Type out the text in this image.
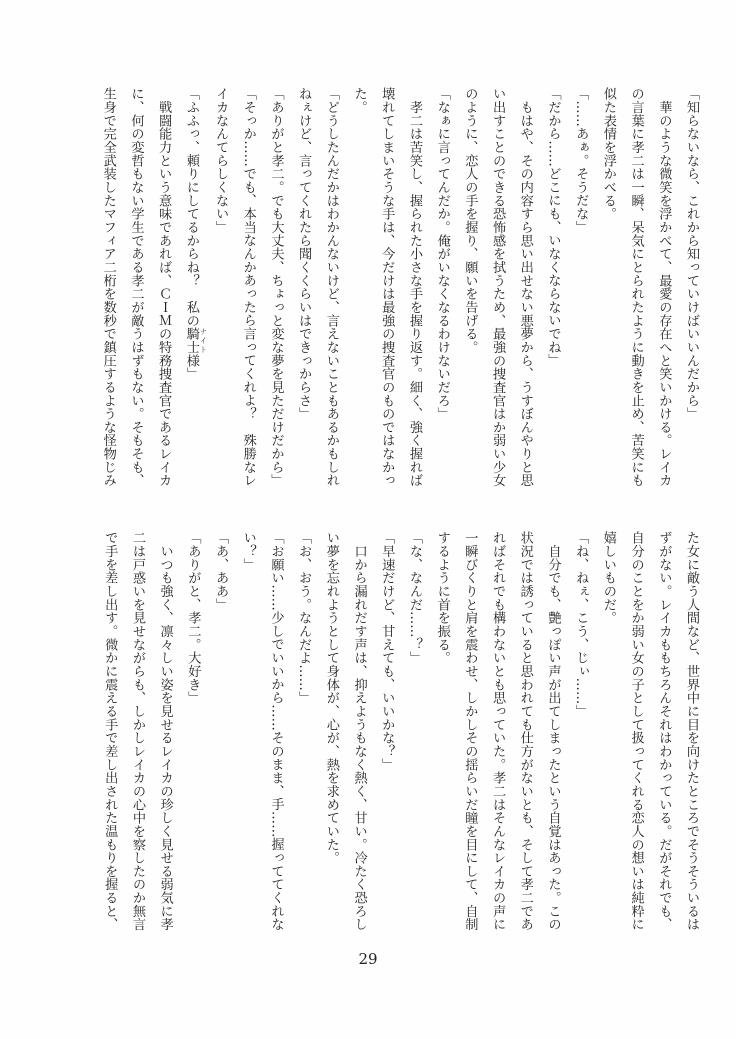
「知らないなら、これから知っていけばいいんだから」
　華のような微笑を浮かべて、最愛の存在へと笑いかける。レイカ
の言葉に孝二は一瞬、呆気にとられたように動きを止め、苦笑にも
似た表情を浮かべる。
「……あぁ。そうだな」
「だから……どこにも、いなくならないでね」
　もはや、その内容すら思い出せない悪夢から、うすぼんやりと思
い出すことのできる恐怖感を拭うため、最強の捜査官はか弱い少女
のように、恋人の手を握り、願いを告げる。
「なぁに言ってんだか。俺がいなくなるわけないだろ」
　孝二は苦笑し、握られた小さな手を握り返す。細く、強く握れば
壊れてしまいそうな手は、今だけは最強の捜査官のものではなかっ
た。
「どうしたんだかはわかんないけど、言えないこともあるかもしれ
ねぇけど、言ってくれたら聞くくらいはできっからさ」
「ありがと孝二。でも大丈夫、ちょっと変な夢を見ただけだから」
「そっか……でも、本当なんかあったら言ってくれよ？　殊勝なレ
イカなんてらしくない」
「ふふっ、頼りにしてるからね？　私の騎士 ナイト様」
　戦闘能力という意味であれば、ＣＩＭの特務捜査官であるレイカ
に、何の変哲もない学生である孝二が敵うはずもない。そもそも、
生身で完全武装したマフィア二桁を数秒で鎮圧するような怪物じみ
た女に敵う人間など、世界中に目を向けたところでそうそういるは
ずがない。レイカももちろんそれはわかっている。だがそれでも、
自分のことをか弱い女の子として扱ってくれる恋人の想いは純粋に
嬉しいものだ。
「ね、ねぇ、こう、じぃ……」
　自分でも、艶っぽい声が出てしまったという自覚はあった。この
状況では誘っていると思われても仕方がないとも、そして孝二であ
ればそれでも構わないとも思っていた。孝二はそんなレイカの声に
一瞬びくりと肩を震わせ、しかしその揺らいだ瞳を目にして、自制
するように首を振る。
「な、なんだ……？」
「早速だけど、甘えても、いいかな？」
　口から漏れだす声は、抑えようもなく熱く、甘い。冷たく恐ろし
い夢を忘れようとして身体が、心が、熱を求めていた。
「お、おう。なんだよ……」
「お願い……少しでいいから……そのまま、手……握っててくれな
い？」
「あ、ああ」
「ありがと、孝二。大好き」
　いつも強く、凛々しい姿を見せるレイカの珍しく見せる弱気に孝
二は戸惑いを見せながらも、しかしレイカの心中を察したのか無言
で手を差し出す。微かに震える手で差し出された温もりを握ると、
29
